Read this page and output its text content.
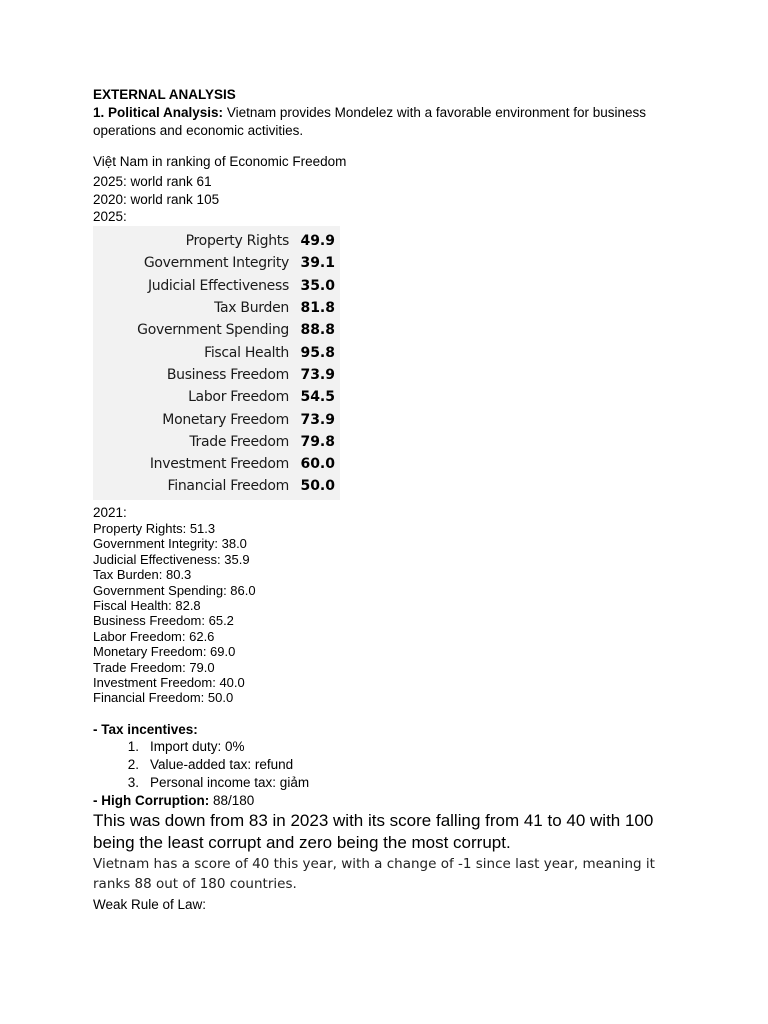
EXTERNAL ANALYSIS

1. Political Analysis: Vietnam provides Mondelez with a favorable environment for business operations and economic activities.

Việt Nam in ranking of Economic Freedom

2025: world rank 61

2020: world rank 105

2025:

Property Rights 49.9
Government Integrity 39.1
Judicial Effectiveness 35.0
Tax Burden 81.8
Government Spending 88.8
Fiscal Health 95.8
Business Freedom 73.9
Labor Freedom 54.5
Monetary Freedom 73.9
Trade Freedom 79.8
Investment Freedom 60.0
Financial Freedom 50.0

2021:

Property Rights: 51.3

Government Integrity: 38.0

Judicial Effectiveness: 35.9

Tax Burden: 80.3

Government Spending: 86.0

Fiscal Health: 82.8

Business Freedom: 65.2

Labor Freedom: 62.6

Monetary Freedom: 69.0

Trade Freedom: 79.0

Investment Freedom: 40.0

Financial Freedom: 50.0

- Tax incentives:

1. Import duty: 0%
2. Value-added tax: refund
3. Personal income tax: giảm

- High Corruption: 88/180

This was down from 83 in 2023 with its score falling from 41 to 40 with 100 being the least corrupt and zero being the most corrupt.

Vietnam has a score of 40 this year, with a change of -1 since last year, meaning it ranks 88 out of 180 countries.

Weak Rule of Law:
